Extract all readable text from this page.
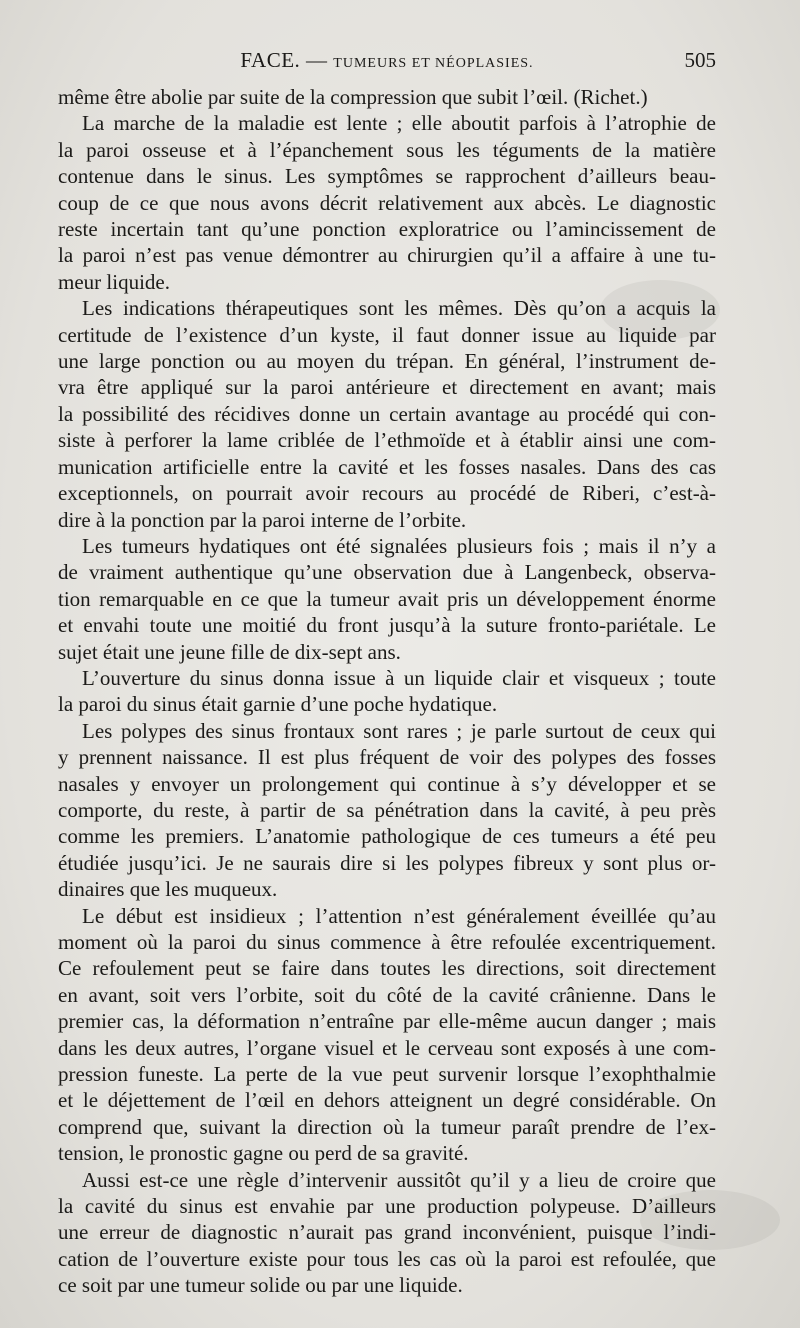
FACE. — TUMEURS ET NÉOPLASIES.	505
même être abolie par suite de la compression que subit l’œil. (Richet.)
La marche de la maladie est lente ; elle aboutit parfois à l’atrophie de
la paroi osseuse et à l’épanchement sous les téguments de la matière
contenue dans le sinus. Les symptômes se rapprochent d’ailleurs beau-
coup de ce que nous avons décrit relativement aux abcès. Le diagnostic
reste incertain tant qu’une ponction exploratrice ou l’amincissement de
la paroi n’est pas venue démontrer au chirurgien qu’il a affaire à une tu-
meur liquide.
Les indications thérapeutiques sont les mêmes. Dès qu’on a acquis la
certitude de l’existence d’un kyste, il faut donner issue au liquide par
une large ponction ou au moyen du trépan. En général, l’instrument de-
vra être appliqué sur la paroi antérieure et directement en avant; mais
la possibilité des récidives donne un certain avantage au procédé qui con-
siste à perforer la lame criblée de l’ethmoïde et à établir ainsi une com-
munication artificielle entre la cavité et les fosses nasales. Dans des cas
exceptionnels, on pourrait avoir recours au procédé de Riberi, c’est-à-
dire à la ponction par la paroi interne de l’orbite.
Les tumeurs hydatiques ont été signalées plusieurs fois ; mais il n’y a
de vraiment authentique qu’une observation due à Langenbeck, observa-
tion remarquable en ce que la tumeur avait pris un développement énorme
et envahi toute une moitié du front jusqu’à la suture fronto-pariétale. Le
sujet était une jeune fille de dix-sept ans.
L’ouverture du sinus donna issue à un liquide clair et visqueux ; toute
la paroi du sinus était garnie d’une poche hydatique.
Les polypes des sinus frontaux sont rares ; je parle surtout de ceux qui
y prennent naissance. Il est plus fréquent de voir des polypes des fosses
nasales y envoyer un prolongement qui continue à s’y développer et se
comporte, du reste, à partir de sa pénétration dans la cavité, à peu près
comme les premiers. L’anatomie pathologique de ces tumeurs a été peu
étudiée jusqu’ici. Je ne saurais dire si les polypes fibreux y sont plus or-
dinaires que les muqueux.
Le début est insidieux ; l’attention n’est généralement éveillée qu’au
moment où la paroi du sinus commence à être refoulée excentriquement.
Ce refoulement peut se faire dans toutes les directions, soit directement
en avant, soit vers l’orbite, soit du côté de la cavité crânienne. Dans le
premier cas, la déformation n’entraîne par elle-même aucun danger ; mais
dans les deux autres, l’organe visuel et le cerveau sont exposés à une com-
pression funeste. La perte de la vue peut survenir lorsque l’exophthalmie
et le déjettement de l’œil en dehors atteignent un degré considérable. On
comprend que, suivant la direction où la tumeur paraît prendre de l’ex-
tension, le pronostic gagne ou perd de sa gravité.
Aussi est-ce une règle d’intervenir aussitôt qu’il y a lieu de croire que
la cavité du sinus est envahie par une production polypeuse. D’ailleurs
une erreur de diagnostic n’aurait pas grand inconvénient, puisque l’indi-
cation de l’ouverture existe pour tous les cas où la paroi est refoulée, que
ce soit par une tumeur solide ou par une liquide.
